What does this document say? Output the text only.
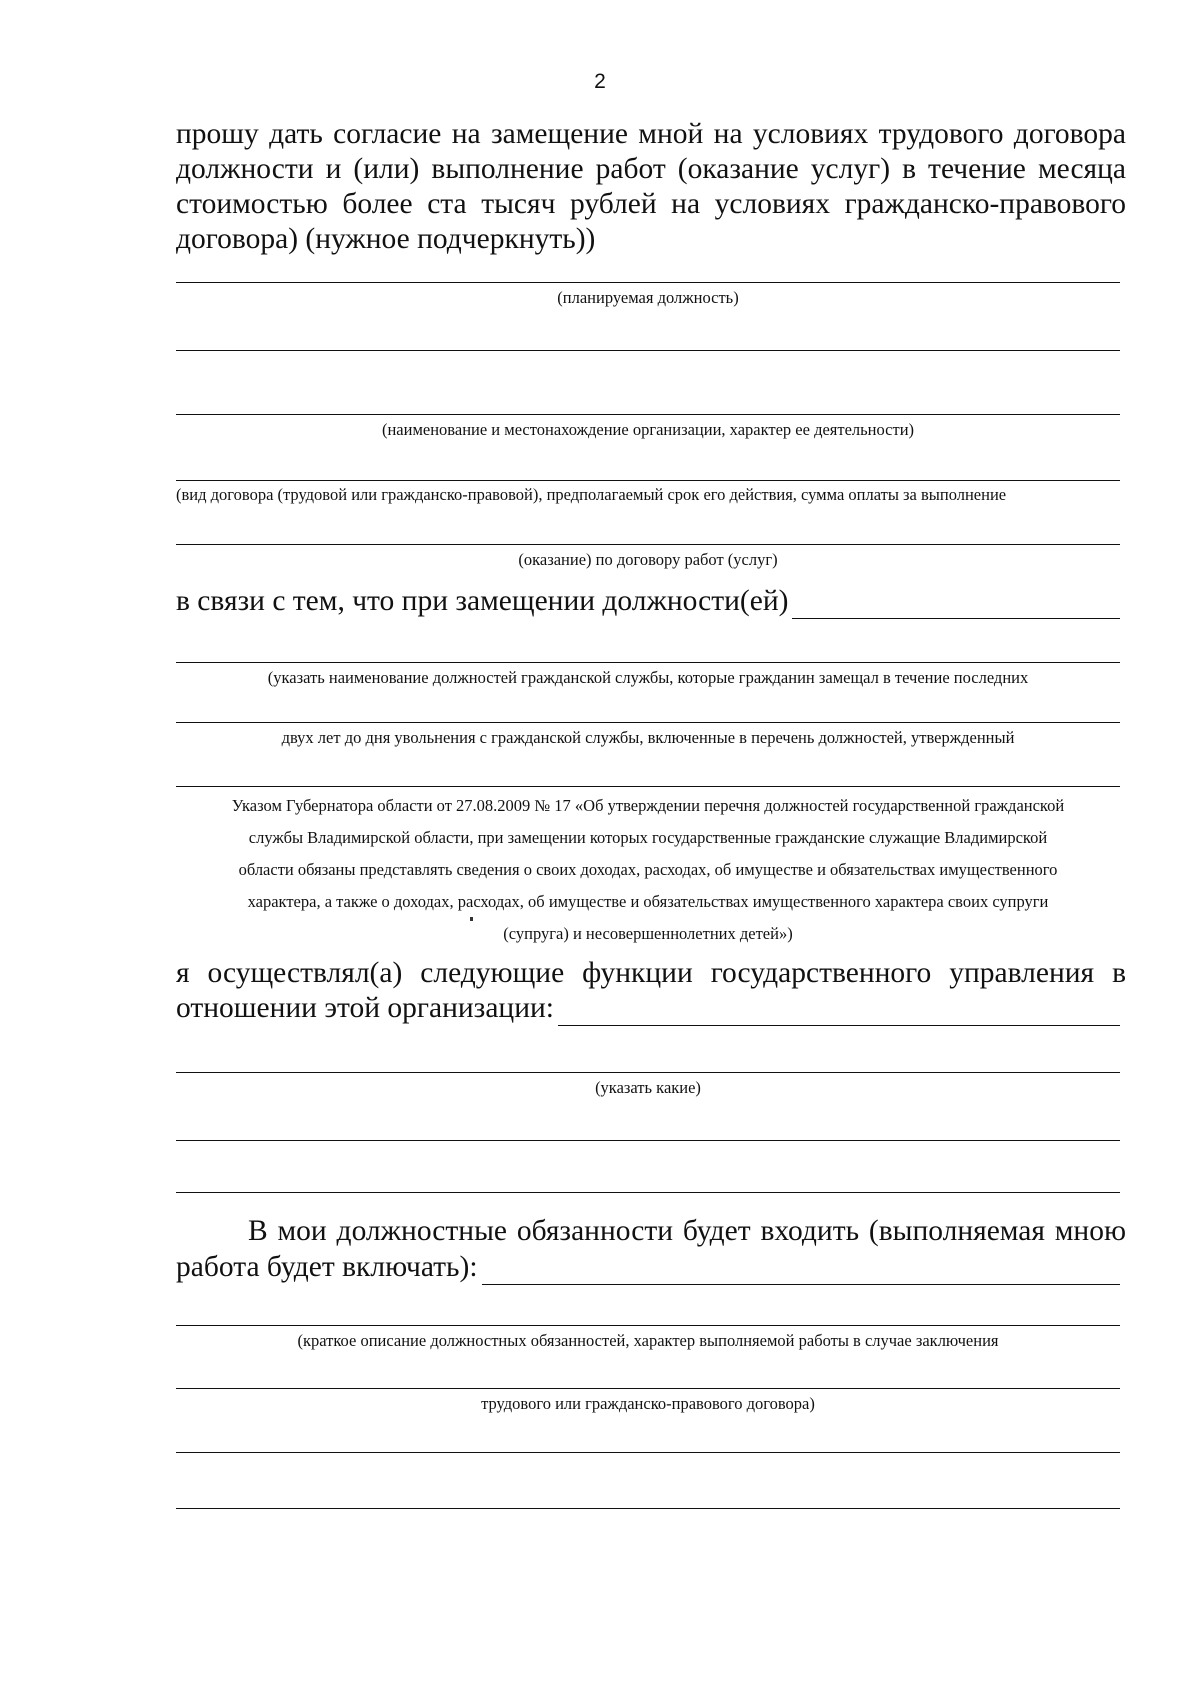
2
прошу дать согласие на замещение мной на условиях трудового договора
должности и (или) выполнение работ (оказание услуг) в течение месяца
стоимостью более ста тысяч рублей на условиях гражданско-правового
договора) (нужное подчеркнуть))
(планируемая должность)
(наименование и местонахождение организации, характер ее деятельности)
(вид договора (трудовой или гражданско-правовой), предполагаемый срок его действия, сумма оплаты за выполнение
(оказание) по договору работ (услуг)
в связи с тем, что при замещении должности(ей)
(указать наименование должностей гражданской службы, которые гражданин замещал в течение последних
двух лет до дня увольнения с гражданской службы, включенные в перечень должностей, утвержденный
Указом Губернатора области от 27.08.2009 № 17 «Об утверждении перечня должностей государственной гражданской
службы Владимирской области, при замещении которых государственные гражданские служащие Владимирской
области обязаны представлять сведения о своих доходах, расходах, об имуществе и обязательствах имущественного
характера, а также о доходах, расходах, об имуществе и обязательствах имущественного характера своих супруги
(супруга) и несовершеннолетних детей»)
я осуществлял(а) следующие функции государственного управления в
отношении этой организации:
(указать какие)
В мои должностные обязанности будет входить (выполняемая мною
работа будет включать):
(краткое описание должностных обязанностей, характер выполняемой работы в случае заключения
трудового или гражданско-правового договора)
